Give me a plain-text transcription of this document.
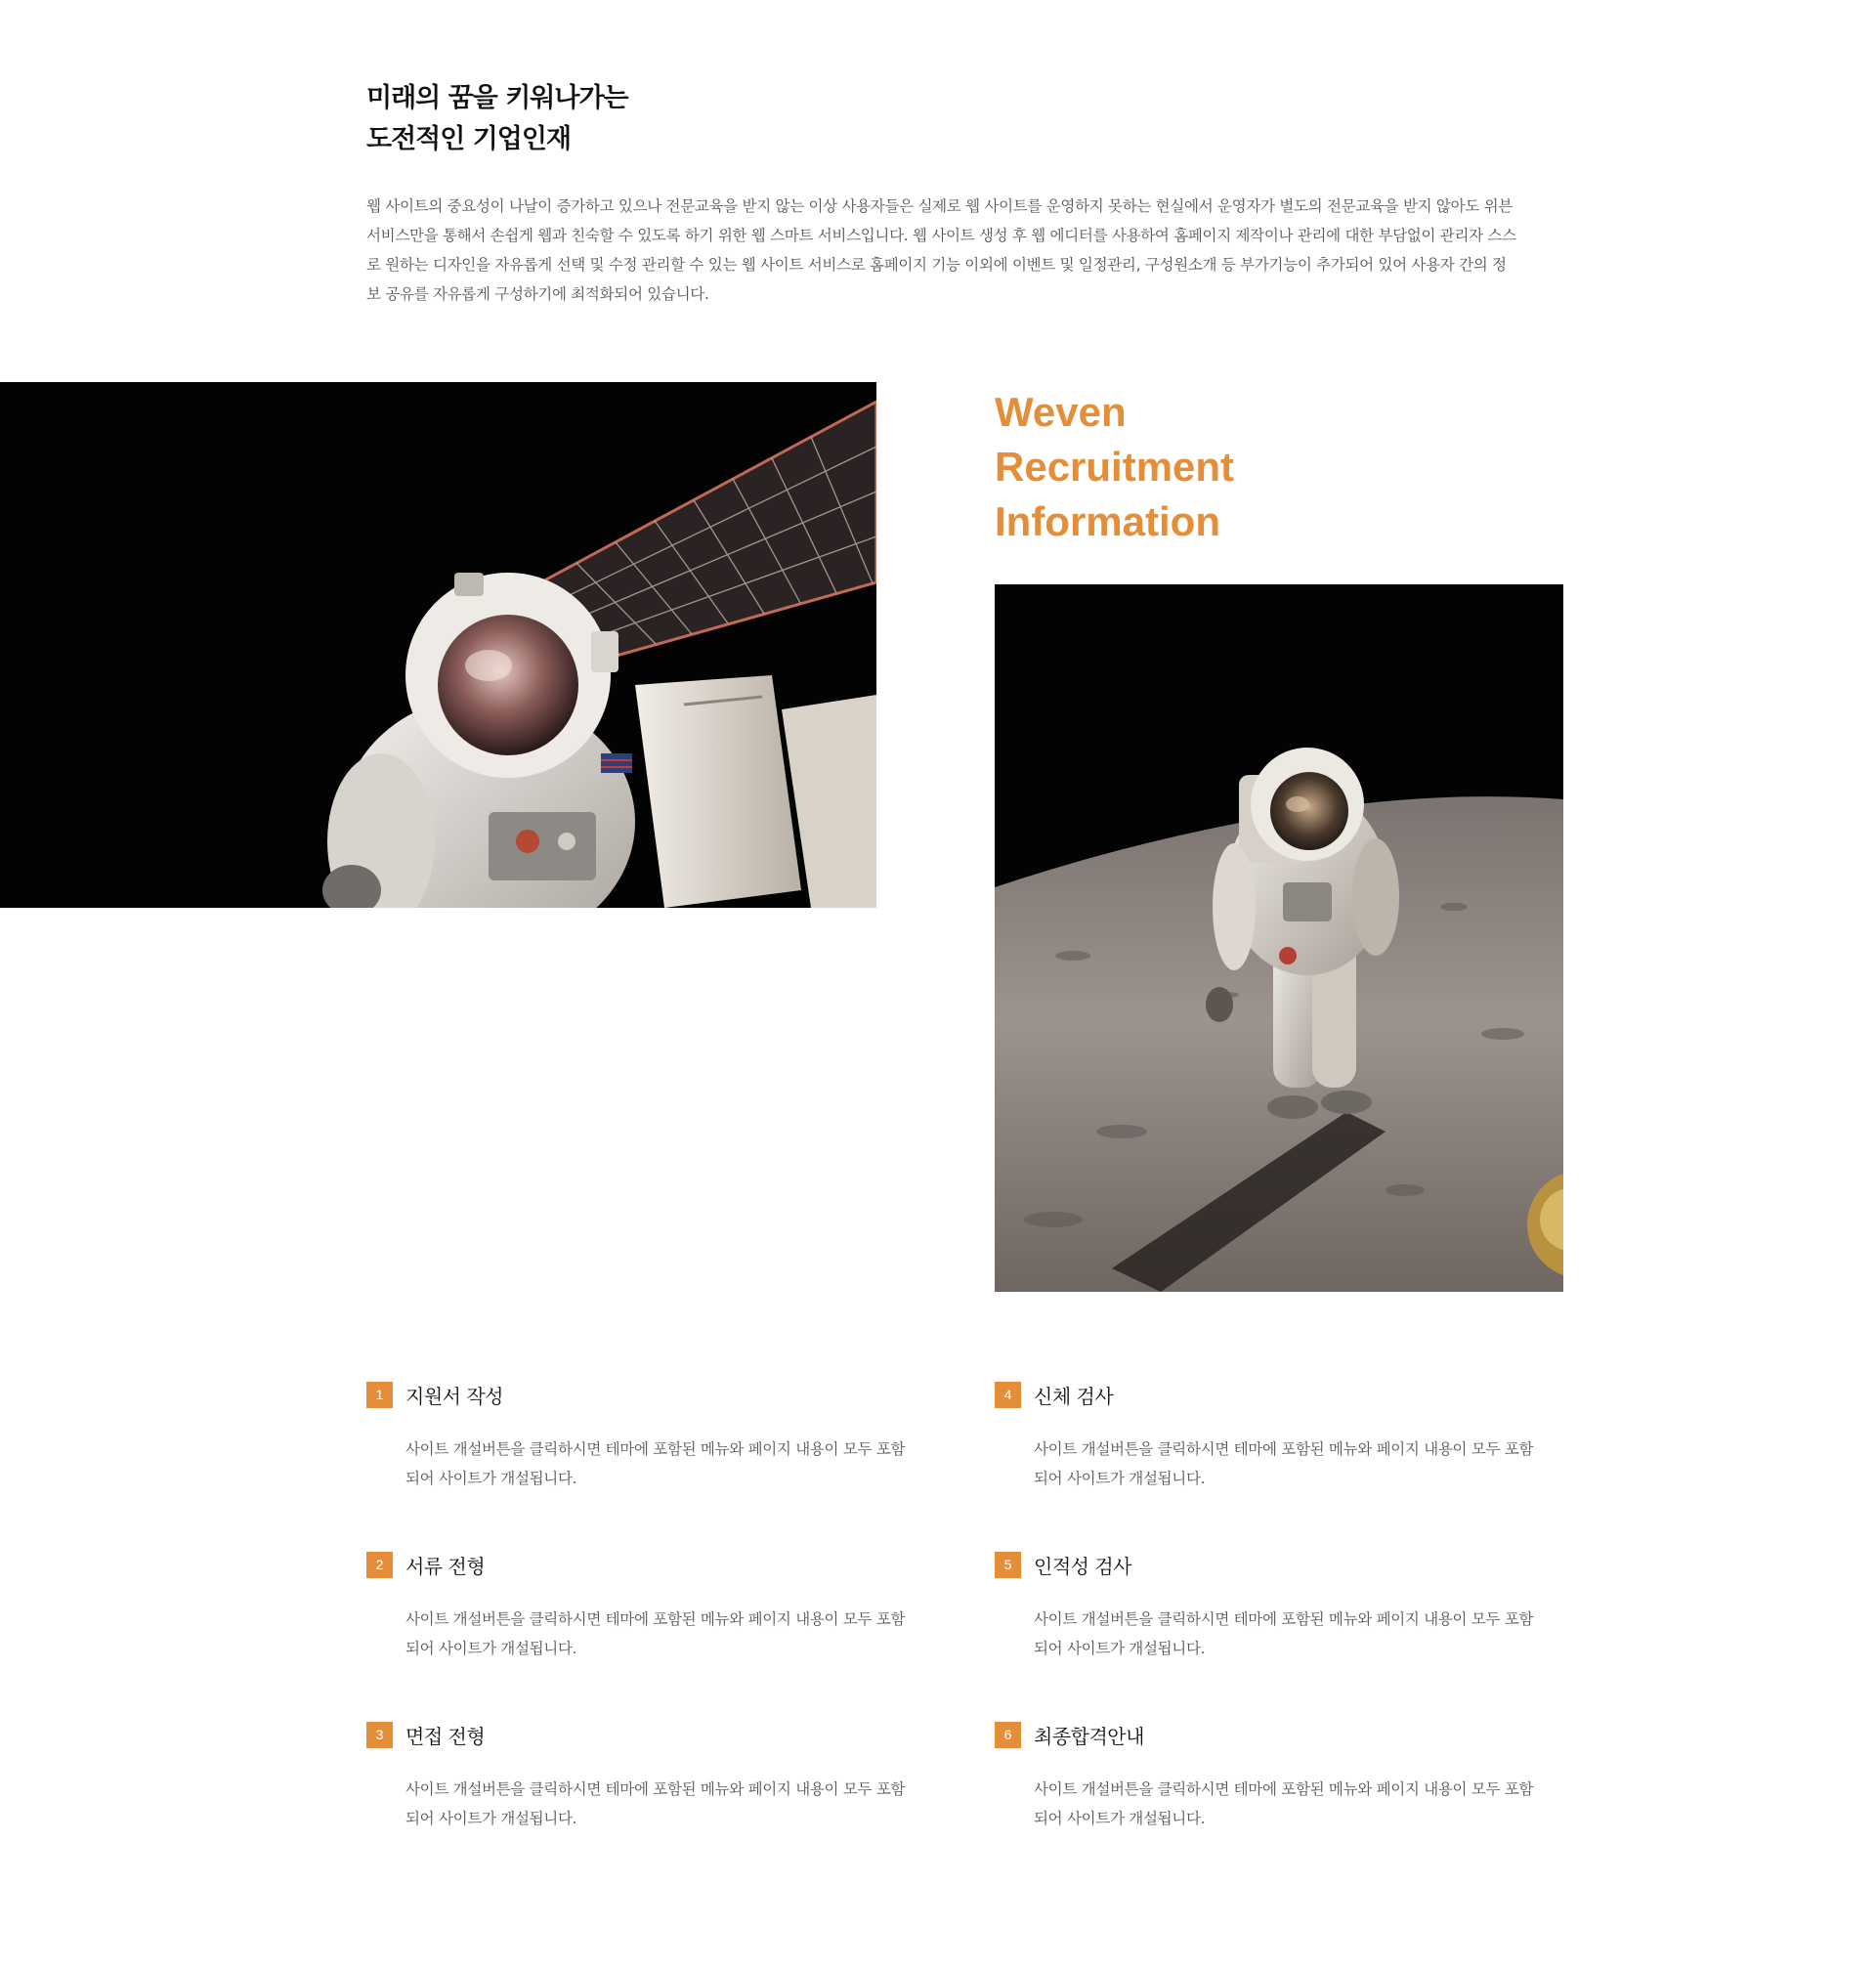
미래의 꿈을 키워나가는
도전적인 기업인재

웹 사이트의 중요성이 나날이 증가하고 있으나 전문교육을 받지 않는 이상 사용자들은 실제로 웹 사이트를 운영하지 못하는 현실에서 운영자가 별도의 전문교육을 받지 않아도 위븐 서비스만을 통해서 손쉽게 웹과 친숙할 수 있도록 하기 위한 웹 스마트 서비스입니다. 웹 사이트 생성 후 웹 에디터를 사용하여 홈페이지 제작이나 관리에 대한 부담없이 관리자 스스로 원하는 디자인을 자유롭게 선택 및 수정 관리할 수 있는 웹 사이트 서비스로 홈페이지 기능 이외에 이벤트 및 일정관리, 구성원소개 등 부가기능이 추가되어 있어 사용자 간의 정보 공유를 자유롭게 구성하기에 최적화되어 있습니다.

Weven
Recruitment
Information
1	지원서 작성

사이트 개설버튼을 클릭하시면 테마에 포함된 메뉴와 페이지 내용이 모두 포함되어 사이트가 개설됩니다.

2	서류 전형

사이트 개설버튼을 클릭하시면 테마에 포함된 메뉴와 페이지 내용이 모두 포함되어 사이트가 개설됩니다.

3	면접 전형

사이트 개설버튼을 클릭하시면 테마에 포함된 메뉴와 페이지 내용이 모두 포함되어 사이트가 개설됩니다.

4	신체 검사

사이트 개설버튼을 클릭하시면 테마에 포함된 메뉴와 페이지 내용이 모두 포함되어 사이트가 개설됩니다.

5	인적성 검사

사이트 개설버튼을 클릭하시면 테마에 포함된 메뉴와 페이지 내용이 모두 포함되어 사이트가 개설됩니다.

6	최종합격안내

사이트 개설버튼을 클릭하시면 테마에 포함된 메뉴와 페이지 내용이 모두 포함되어 사이트가 개설됩니다.
